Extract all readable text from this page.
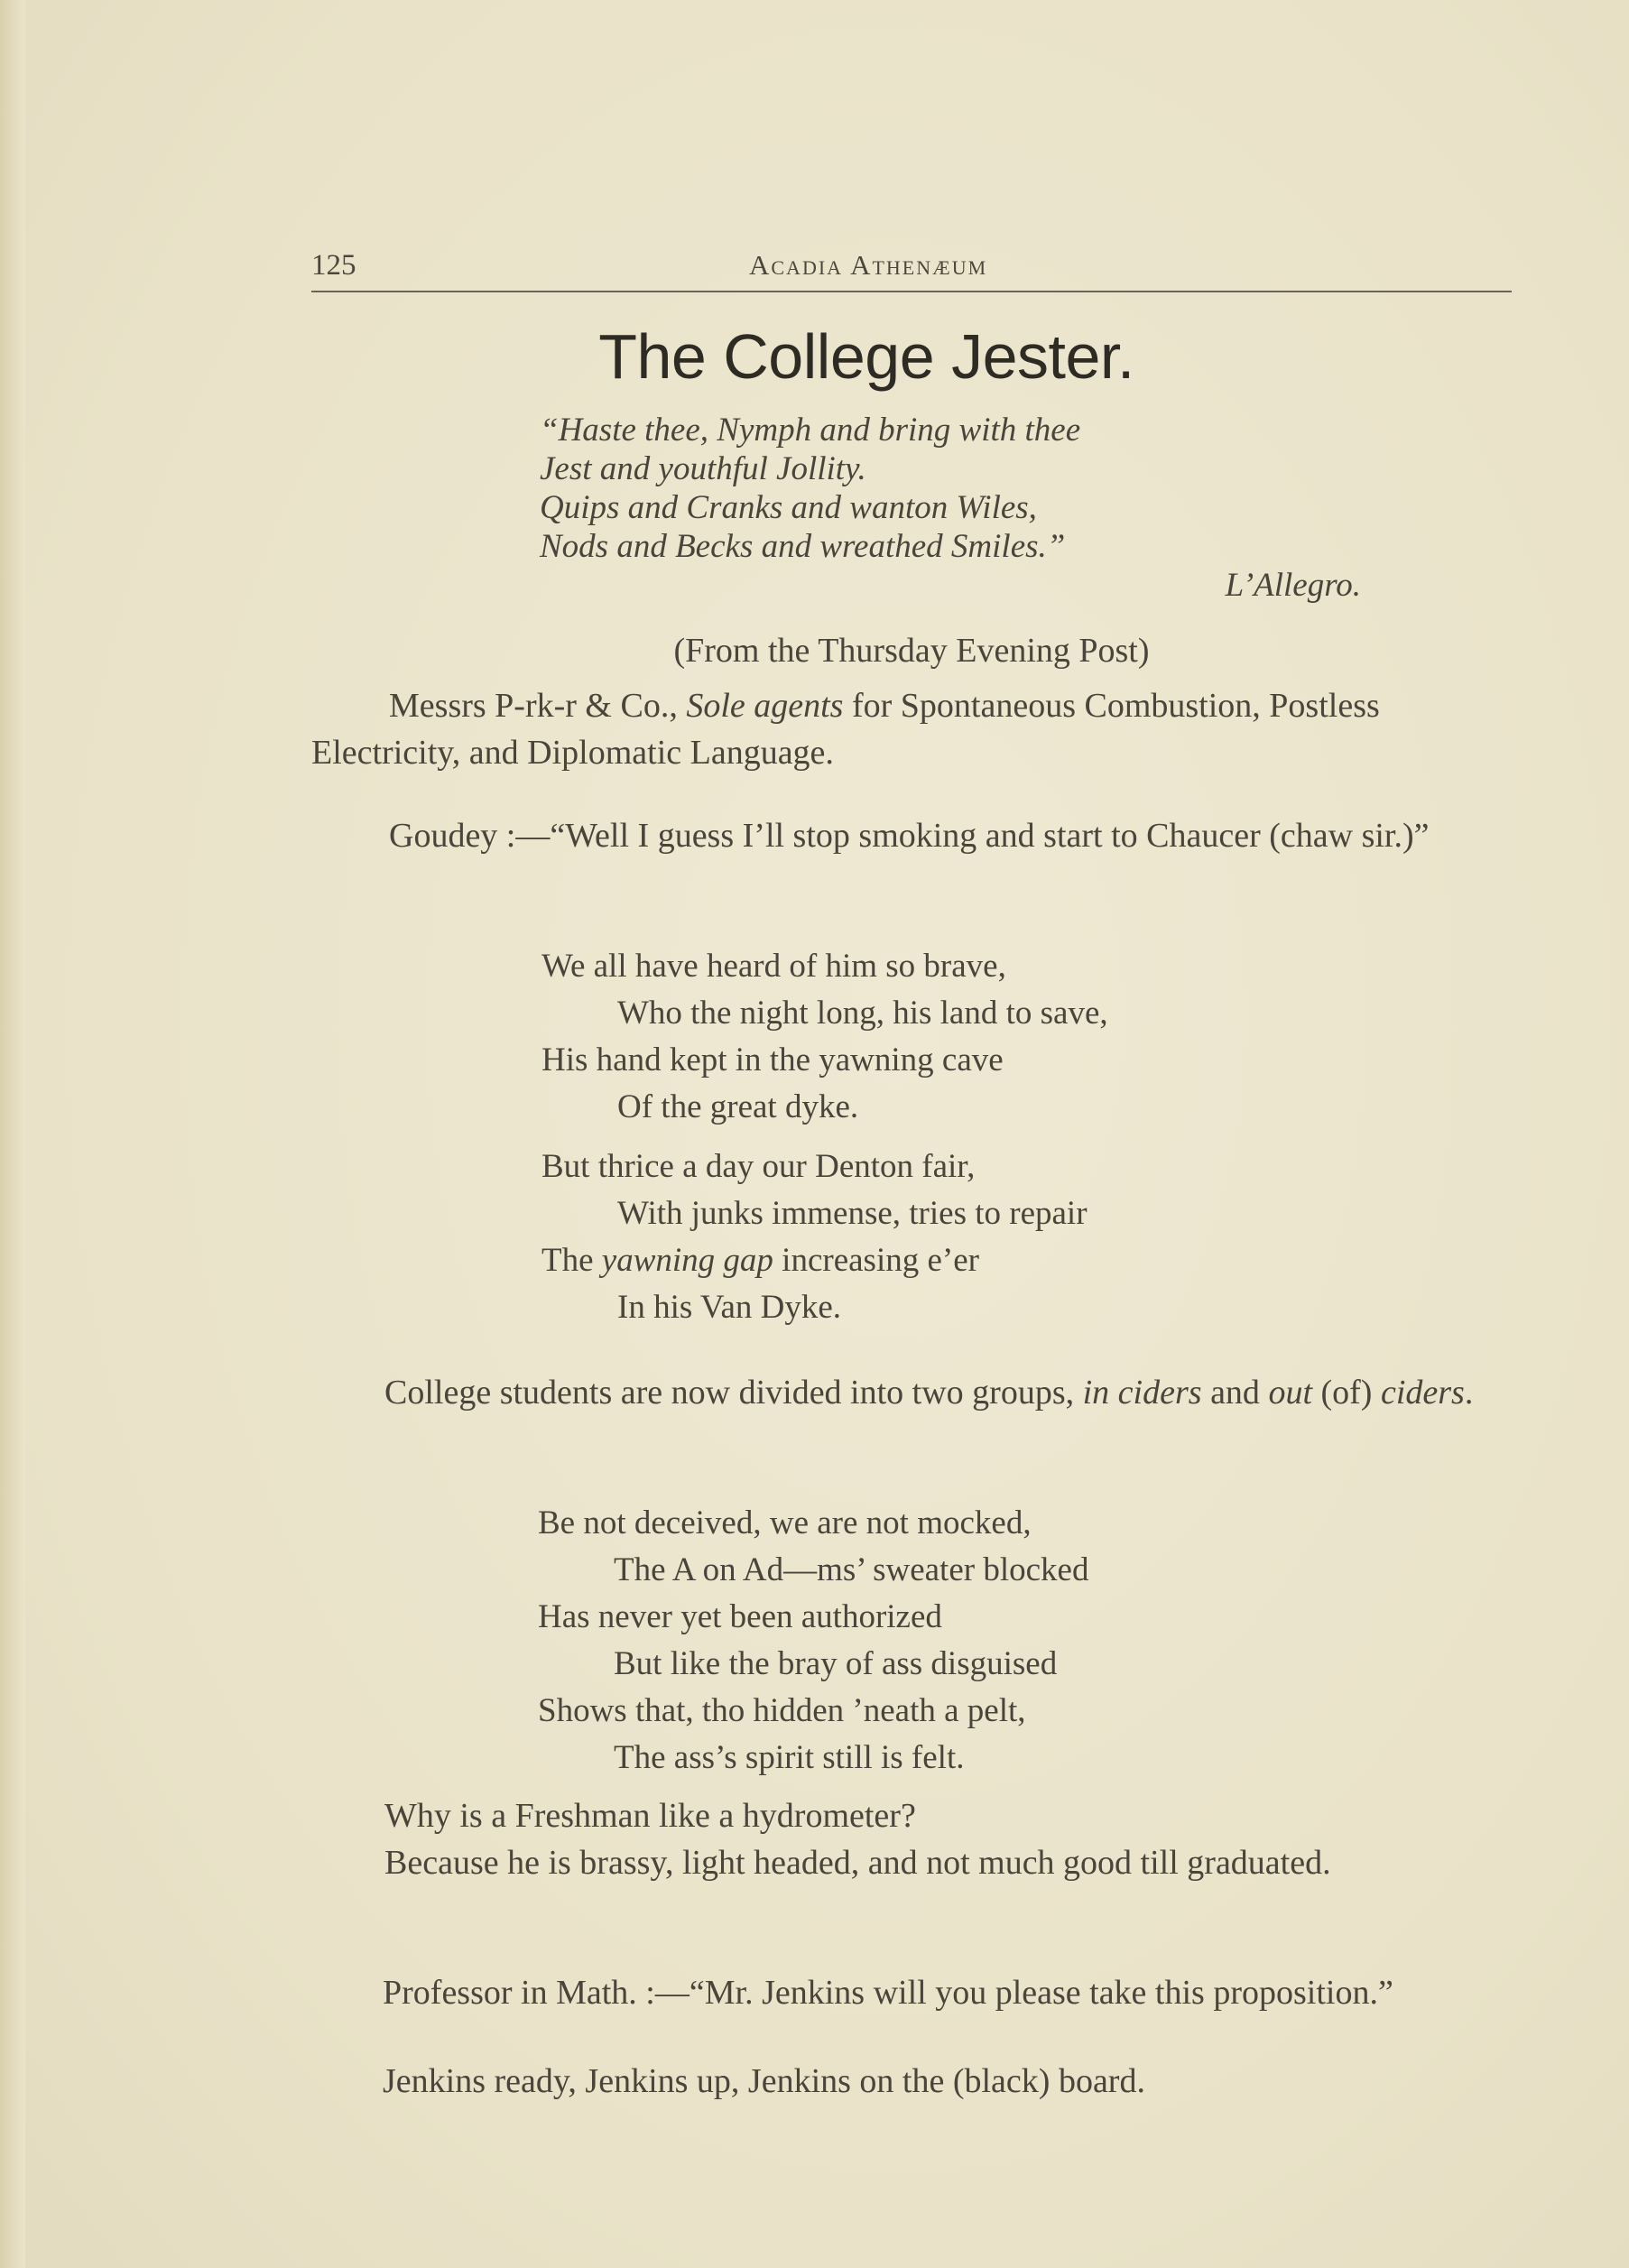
125	Acadia Athenæum
The College Jester.
“Haste thee, Nymph and bring with thee
Jest and youthful Jollity.
Quips and Cranks and wanton Wiles,
Nods and Becks and wreathed Smiles.”
L’Allegro.
(From the Thursday Evening Post)
Messrs P-rk-r & Co., Sole agents for Spontaneous Combustion, Postless Electricity, and Diplomatic Language.
Goudey :—“Well I guess I’ll stop smoking and start to Chaucer (chaw sir.)”
We all have heard of him so brave,
Who the night long, his land to save,
His hand kept in the yawning cave
Of the great dyke.
But thrice a day our Denton fair,
With junks immense, tries to repair
The yawning gap increasing e’er
In his Van Dyke.
College students are now divided into two groups, in ciders and out (of) ciders.
Be not deceived, we are not mocked,
The A on Ad—ms’ sweater blocked
Has never yet been authorized
But like the bray of ass disguised
Shows that, tho hidden ’neath a pelt,
The ass’s spirit still is felt.
Why is a Freshman like a hydrometer?
Because he is brassy, light headed, and not much good till graduated.
Professor in Math. :—“Mr. Jenkins will you please take this proposition.”
Jenkins ready, Jenkins up, Jenkins on the (black) board.
